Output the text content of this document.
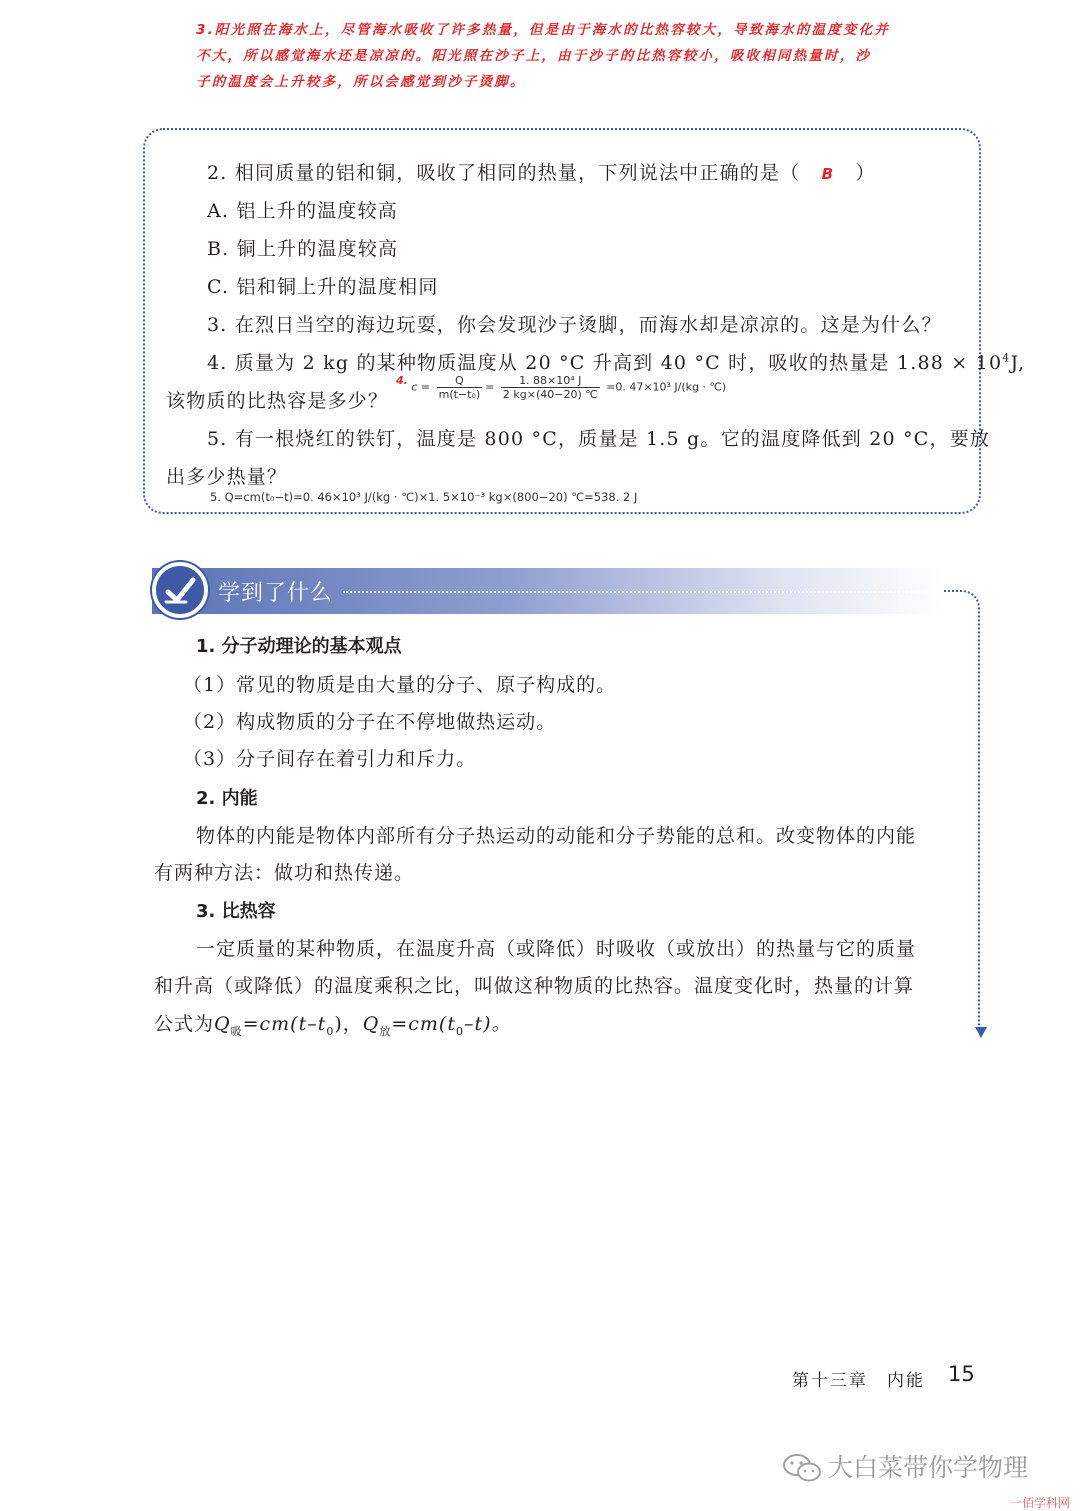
3.阳光照在海水上，尽管海水吸收了许多热量，但是由于海水的比热容较大，导致海水的温度变化并
不大，所以感觉海水还是凉凉的。阳光照在沙子上，由于沙子的比热容较小，吸收相同热量时，沙
子的温度会上升较多，所以会感觉到沙子烫脚。
2. 相同质量的铝和铜，吸收了相同的热量，下列说法中正确的是（ B ）
A. 铝上升的温度较高
B. 铜上升的温度较高
C. 铝和铜上升的温度相同
3. 在烈日当空的海边玩耍，你会发现沙子烫脚，而海水却是凉凉的。这是为什么？
4. 质量为 2 kg 的某种物质温度从 20 °C 升高到 40 °C 时，吸收的热量是 $1.88 \times 10^4J$,
该物质的比热容是多少？
4. $c = \frac{Q}{\text{m(t−t₀)}} = \frac{\text{1. 88×10⁴ J}}{2 kg\times(40-20) ℃} =0$. 47×10³ J/(kg · ℃)
5. 有一根烧红的铁钉，温度是 800 °C，质量是 1.5 g。它的温度降低到 20 °C，要放
出多少热量？
5. Q=cm(t₀−t)=0. 46×10³ J/(kg · ℃)×1. 5×10⁻³ kg×(800−20) ℃=538. 2 J
学到了什么
1. 分子动理论的基本观点
（1）常见的物质是由大量的分子、原子构成的。
（2）构成物质的分子在不停地做热运动。
（3）分子间存在着引力和斥力。
2. 内能
物体的内能是物体内部所有分子热运动的动能和分子势能的总和。改变物体的内能
有两种方法：做功和热传递。
3. 比热容
一定质量的某种物质，在温度升高（或降低）时吸收（或放出）的热量与它的质量
和升高（或降低）的温度乘积之比，叫做这种物质的比热容。温度变化时，热量的计算
公式为$Q_吸=cm(t-t_0)$，$Q_放=cm(t_0-t)$。
第十三章　内能 15
大白菜带你学物理
一佰学科网
